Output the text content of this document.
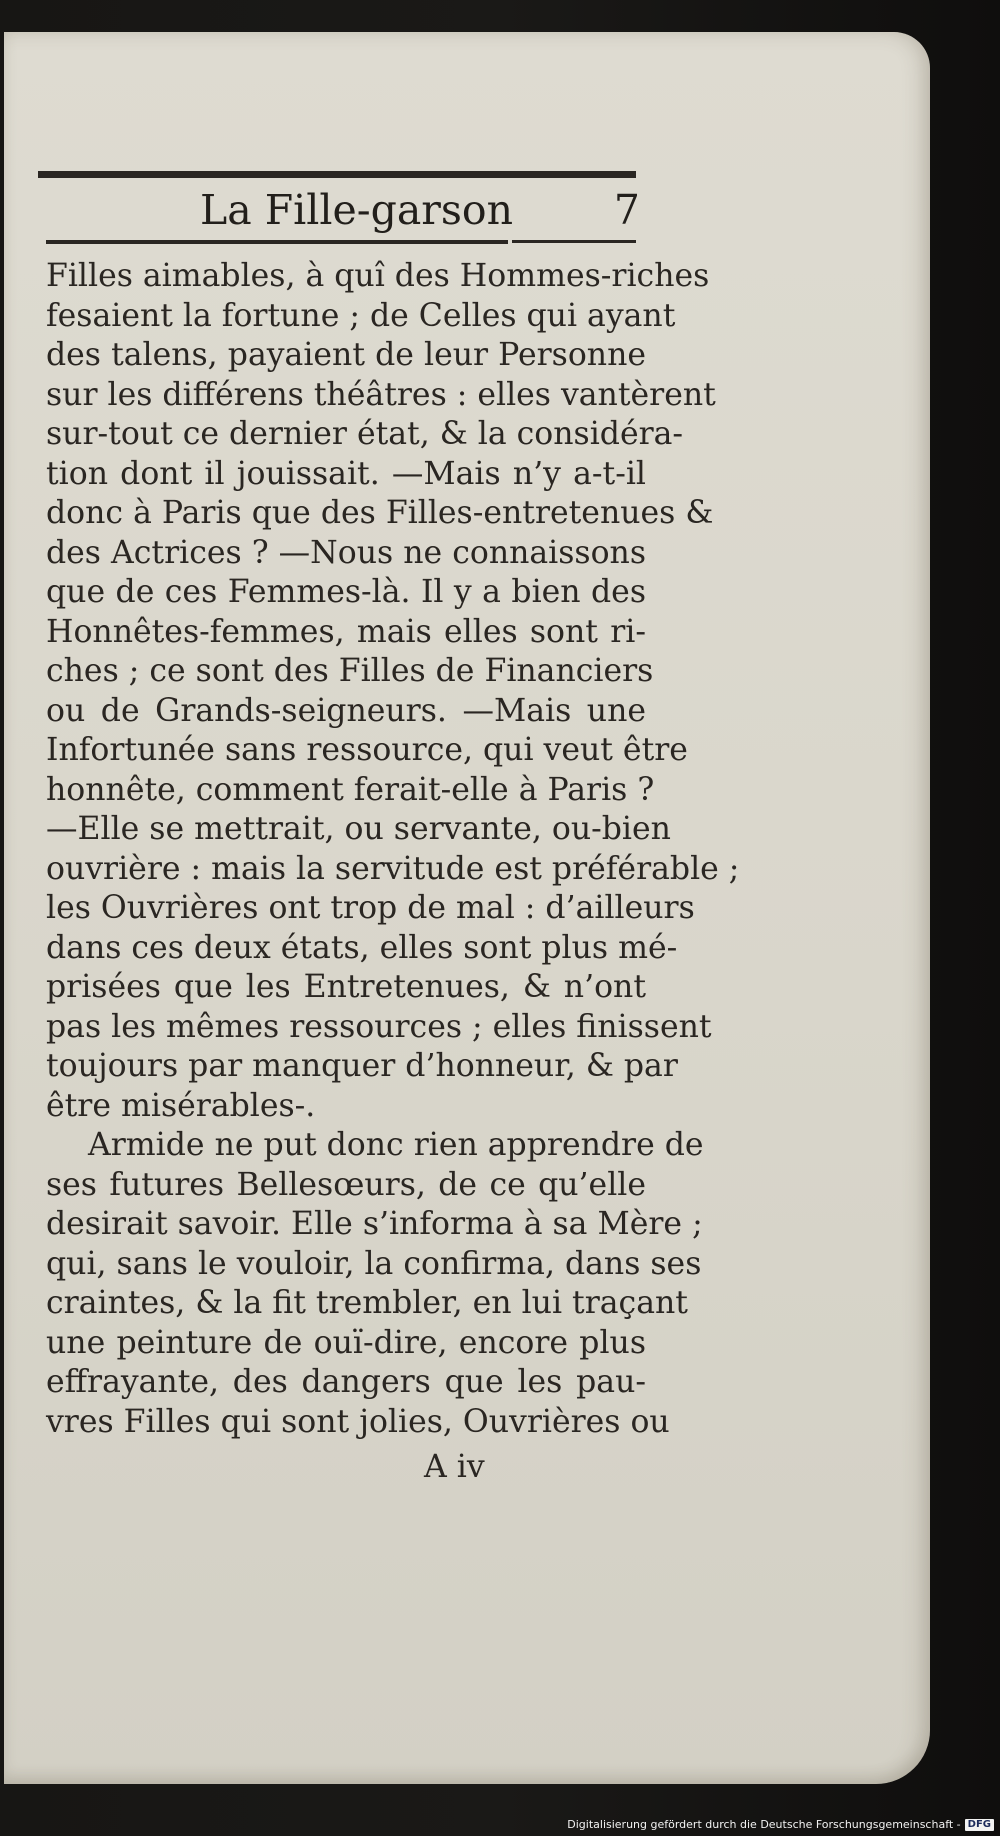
La Fille-garson 7
Filles aimables, à quî des Hommes-riches
fesaient la fortune ; de Celles qui ayant
des talens, payaient de leur Personne
sur les différens théâtres : elles vantèrent
sur-tout ce dernier état, & la considéra-
tion dont il jouissait. —Mais n’y a-t-il
donc à Paris que des Filles-entretenues &
des Actrices ? —Nous ne connaissons
que de ces Femmes-là. Il y a bien des
Honnêtes-femmes, mais elles sont ri-
ches ; ce sont des Filles de Financiers
ou de Grands-seigneurs. —Mais une
Infortunée sans ressource, qui veut être
honnête, comment ferait-elle à Paris ?
—Elle se mettrait, ou servante, ou-bien
ouvrière : mais la servitude est préférable ;
les Ouvrières ont trop de mal : d’ailleurs
dans ces deux états, elles sont plus mé-
prisées que les Entretenues, & n’ont
pas les mêmes ressources ; elles finissent
toujours par manquer d’honneur, & par
être misérables-.
Armide ne put donc rien apprendre de
ses futures Bellesœurs, de ce qu’elle
desirait savoir. Elle s’informa à sa Mère ;
qui, sans le vouloir, la confirma, dans ses
craintes, & la fit trembler, en lui traçant
une peinture de ouï-dire, encore plus
effrayante, des dangers que les pau-
vres Filles qui sont jolies, Ouvrières ou
A iv
Digitalisierung gefördert durch die Deutsche Forschungsgemeinschaft - DFG
